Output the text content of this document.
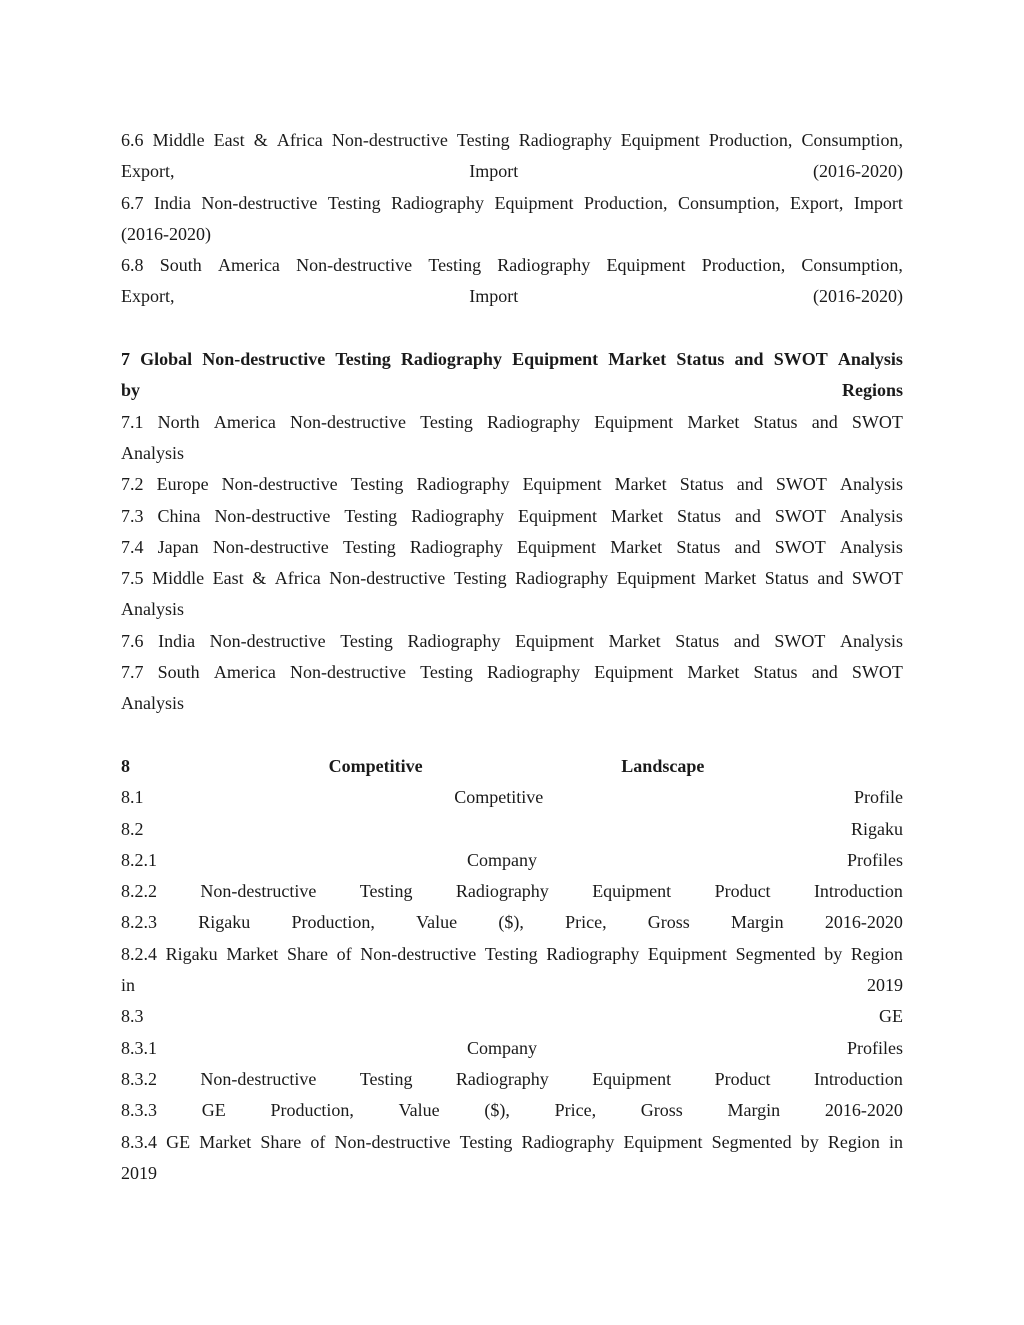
6.6 Middle East & Africa Non-destructive Testing Radiography Equipment Production, Consumption,
Export,	Import	(2016-2020)
6.7 India Non-destructive Testing Radiography Equipment Production, Consumption, Export, Import
(2016-2020)
6.8 South America Non-destructive Testing Radiography Equipment Production, Consumption,
Export,	Import	(2016-2020)
7 Global Non-destructive Testing Radiography Equipment Market Status and SWOT Analysis
by	Regions
7.1 North America Non-destructive Testing Radiography Equipment Market Status and SWOT
Analysis
7.2 Europe Non-destructive Testing Radiography Equipment Market Status and SWOT Analysis
7.3 China Non-destructive Testing Radiography Equipment Market Status and SWOT Analysis
7.4 Japan Non-destructive Testing Radiography Equipment Market Status and SWOT Analysis
7.5 Middle East & Africa Non-destructive Testing Radiography Equipment Market Status and SWOT
Analysis
7.6 India Non-destructive Testing Radiography Equipment Market Status and SWOT Analysis
7.7 South America Non-destructive Testing Radiography Equipment Market Status and SWOT
Analysis
8	Competitive	Landscape
8.1	Competitive	Profile
8.2	Rigaku
8.2.1	Company	Profiles
8.2.2 Non-destructive Testing Radiography Equipment Product Introduction
8.2.3 Rigaku Production, Value ($), Price, Gross Margin 2016-2020
8.2.4 Rigaku Market Share of Non-destructive Testing Radiography Equipment Segmented by Region
in	2019
8.3	GE
8.3.1	Company	Profiles
8.3.2 Non-destructive Testing Radiography Equipment Product Introduction
8.3.3 GE Production, Value ($), Price, Gross Margin 2016-2020
8.3.4 GE Market Share of Non-destructive Testing Radiography Equipment Segmented by Region in
2019
